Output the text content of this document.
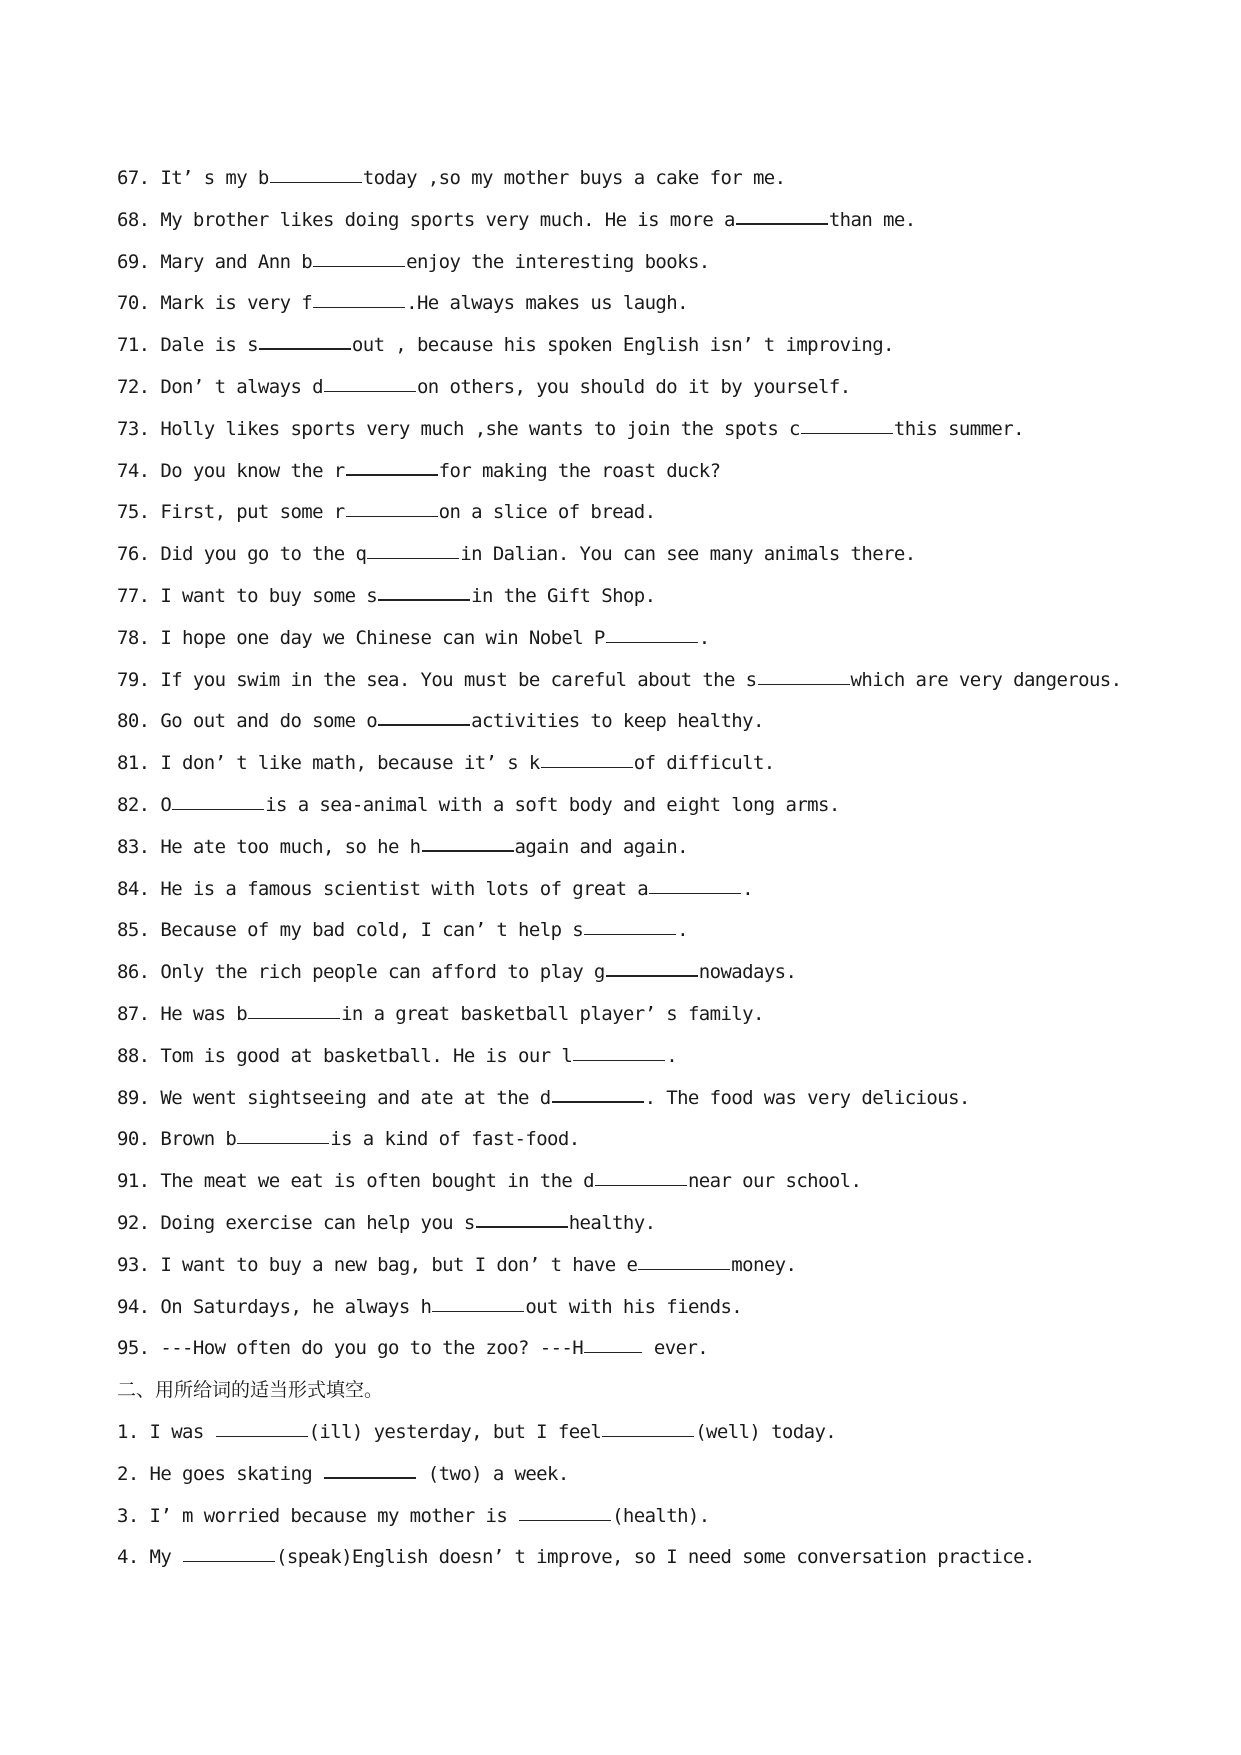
67. It’ s my b	today ,so my mother buys a cake for me.
68. My brother likes doing sports very much. He is more a	than me.
69. Mary and Ann b	enjoy the interesting books.
70. Mark is very f	.He always makes us laugh.
71. Dale is s	out , because his spoken English isn’ t improving.
72. Don’ t always d	on others, you should do it by yourself.
73. Holly likes sports very much ,she wants to join the spots c	this summer.
74. Do you know the r	for making the roast duck?
75. First, put some r	on a slice of bread.
76. Did you go to the q	in Dalian. You can see many animals there.
77. I want to buy some s	in the Gift Shop.
78. I hope one day we Chinese can win Nobel P	.
79. If you swim in the sea. You must be careful about the s	which are very dangerous.
80. Go out and do some o	activities to keep healthy.
81. I don’ t like math, because it’ s k	of difficult.
82. O	is a sea-animal with a soft body and eight long arms.
83. He ate too much, so he h	again and again.
84. He is a famous scientist with lots of great a	.
85. Because of my bad cold, I can’ t help s	.
86. Only the rich people can afford to play g	nowadays.
87. He was b	in a great basketball player’ s family.
88. Tom is good at basketball. He is our l	.
89. We went sightseeing and ate at the d	. The food was very delicious.
90. Brown b	is a kind of fast-food.
91. The meat we eat is often bought in the d	near our school.
92. Doing exercise can help you s	healthy.
93. I want to buy a new bag, but I don’ t have e	money.
94. On Saturdays, he always h	out with his fiends.
95. ---How often do you go to the zoo? ---H	ever.
二、用所给词的适当形式填空。
1. I was	(ill) yesterday, but I feel	(well) today.
2. He goes skating	(two) a week.
3. I’ m worried because my mother is	(health).
4. My	(speak)English doesn’ t improve, so I need some conversation practice.
